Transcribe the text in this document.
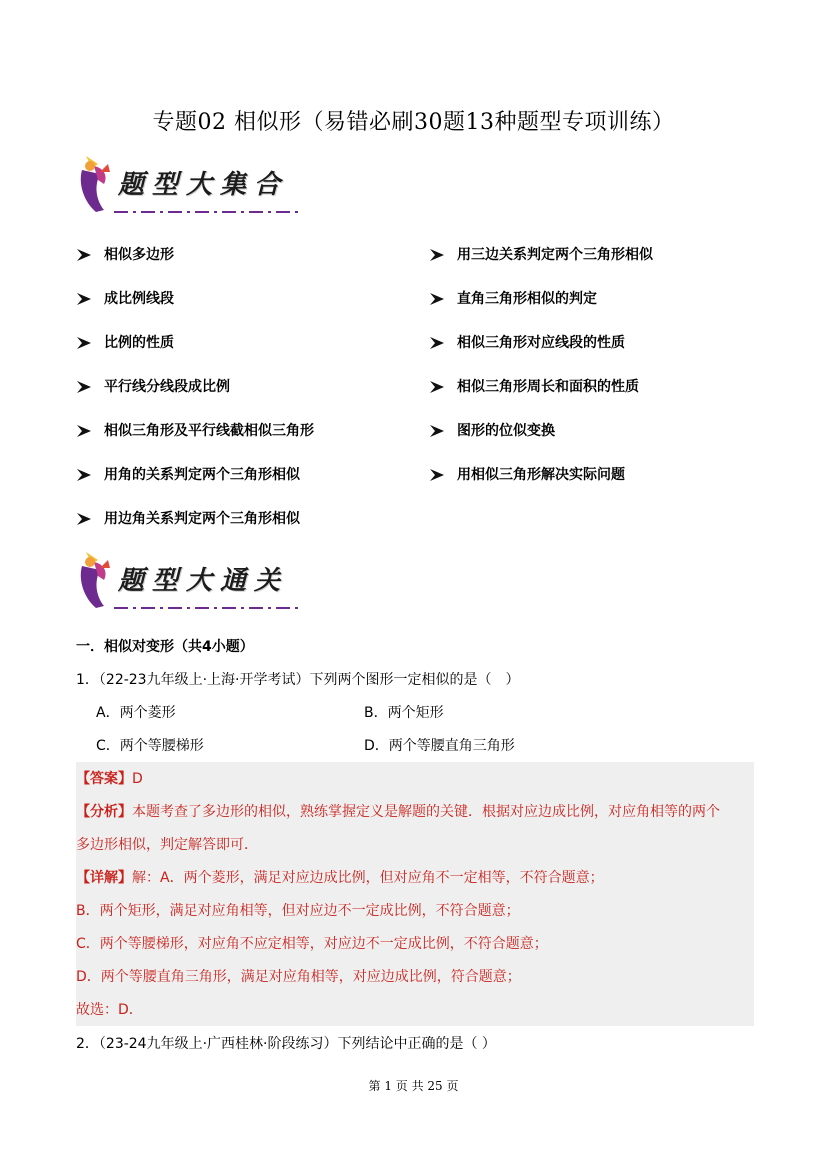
专题02 相似形（易错必刷30题13种题型专项训练）
题型大集合
相似多边形
成比例线段
比例的性质
平行线分线段成比例
相似三角形及平行线截相似三角形
用角的关系判定两个三角形相似
用边角关系判定两个三角形相似
用三边关系判定两个三角形相似
直角三角形相似的判定
相似三角形对应线段的性质
相似三角形周长和面积的性质
图形的位似变换
用相似三角形解决实际问题
题型大通关
一．相似对变形（共4小题）
1．（22-23九年级上·上海·开学考试）下列两个图形一定相似的是（　）
A．两个菱形	B．两个矩形
C．两个等腰梯形	D．两个等腰直角三角形
【答案】D
【分析】本题考查了多边形的相似，熟练掌握定义是解题的关键．根据对应边成比例，对应角相等的两个
多边形相似，判定解答即可．
【详解】解：A．两个菱形，满足对应边成比例，但对应角不一定相等，不符合题意；
B．两个矩形，满足对应角相等，但对应边不一定成比例，不符合题意；
C．两个等腰梯形，对应角不应定相等，对应边不一定成比例，不符合题意；
D．两个等腰直角三角形，满足对应角相等，对应边成比例，符合题意；
故选：D．
2．（23-24九年级上·广西桂林·阶段练习）下列结论中正确的是（ ）
第 1 页 共 25 页
